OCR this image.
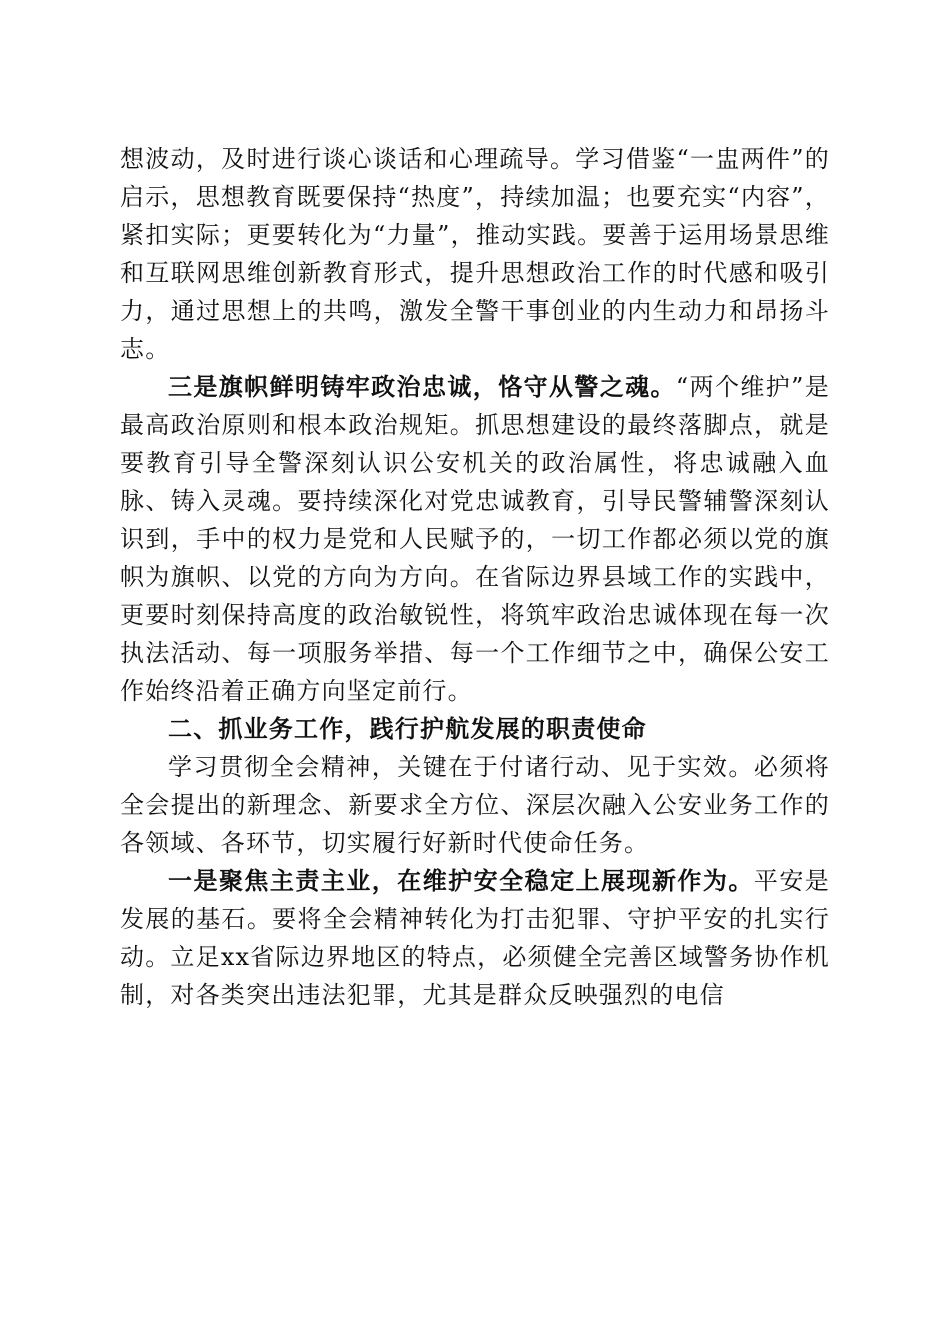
想波动，及时进行谈心谈话和心理疏导。学习借鉴“一盅两件”的启示，思想教育既要保持“热度”，持续加温；也要充实“内容”，紧扣实际；更要转化为“力量”，推动实践。要善于运用场景思维和互联网思维创新教育形式，提升思想政治工作的时代感和吸引力，通过思想上的共鸣，激发全警干事创业的内生动力和昂扬斗志。

三是旗帜鲜明铸牢政治忠诚，恪守从警之魂。“两个维护”是最高政治原则和根本政治规矩。抓思想建设的最终落脚点，就是要教育引导全警深刻认识公安机关的政治属性，将忠诚融入血脉、铸入灵魂。要持续深化对党忠诚教育，引导民警辅警深刻认识到，手中的权力是党和人民赋予的，一切工作都必须以党的旗帜为旗帜、以党的方向为方向。在省际边界县域工作的实践中，更要时刻保持高度的政治敏锐性，将筑牢政治忠诚体现在每一次执法活动、每一项服务举措、每一个工作细节之中，确保公安工作始终沿着正确方向坚定前行。

二、抓业务工作，践行护航发展的职责使命

学习贯彻全会精神，关键在于付诸行动、见于实效。必须将全会提出的新理念、新要求全方位、深层次融入公安业务工作的各领域、各环节，切实履行好新时代使命任务。

一是聚焦主责主业，在维护安全稳定上展现新作为。平安是发展的基石。要将全会精神转化为打击犯罪、守护平安的扎实行动。立足xx省际边界地区的特点，必须健全完善区域警务协作机制，对各类突出违法犯罪，尤其是群众反映强烈的电信
